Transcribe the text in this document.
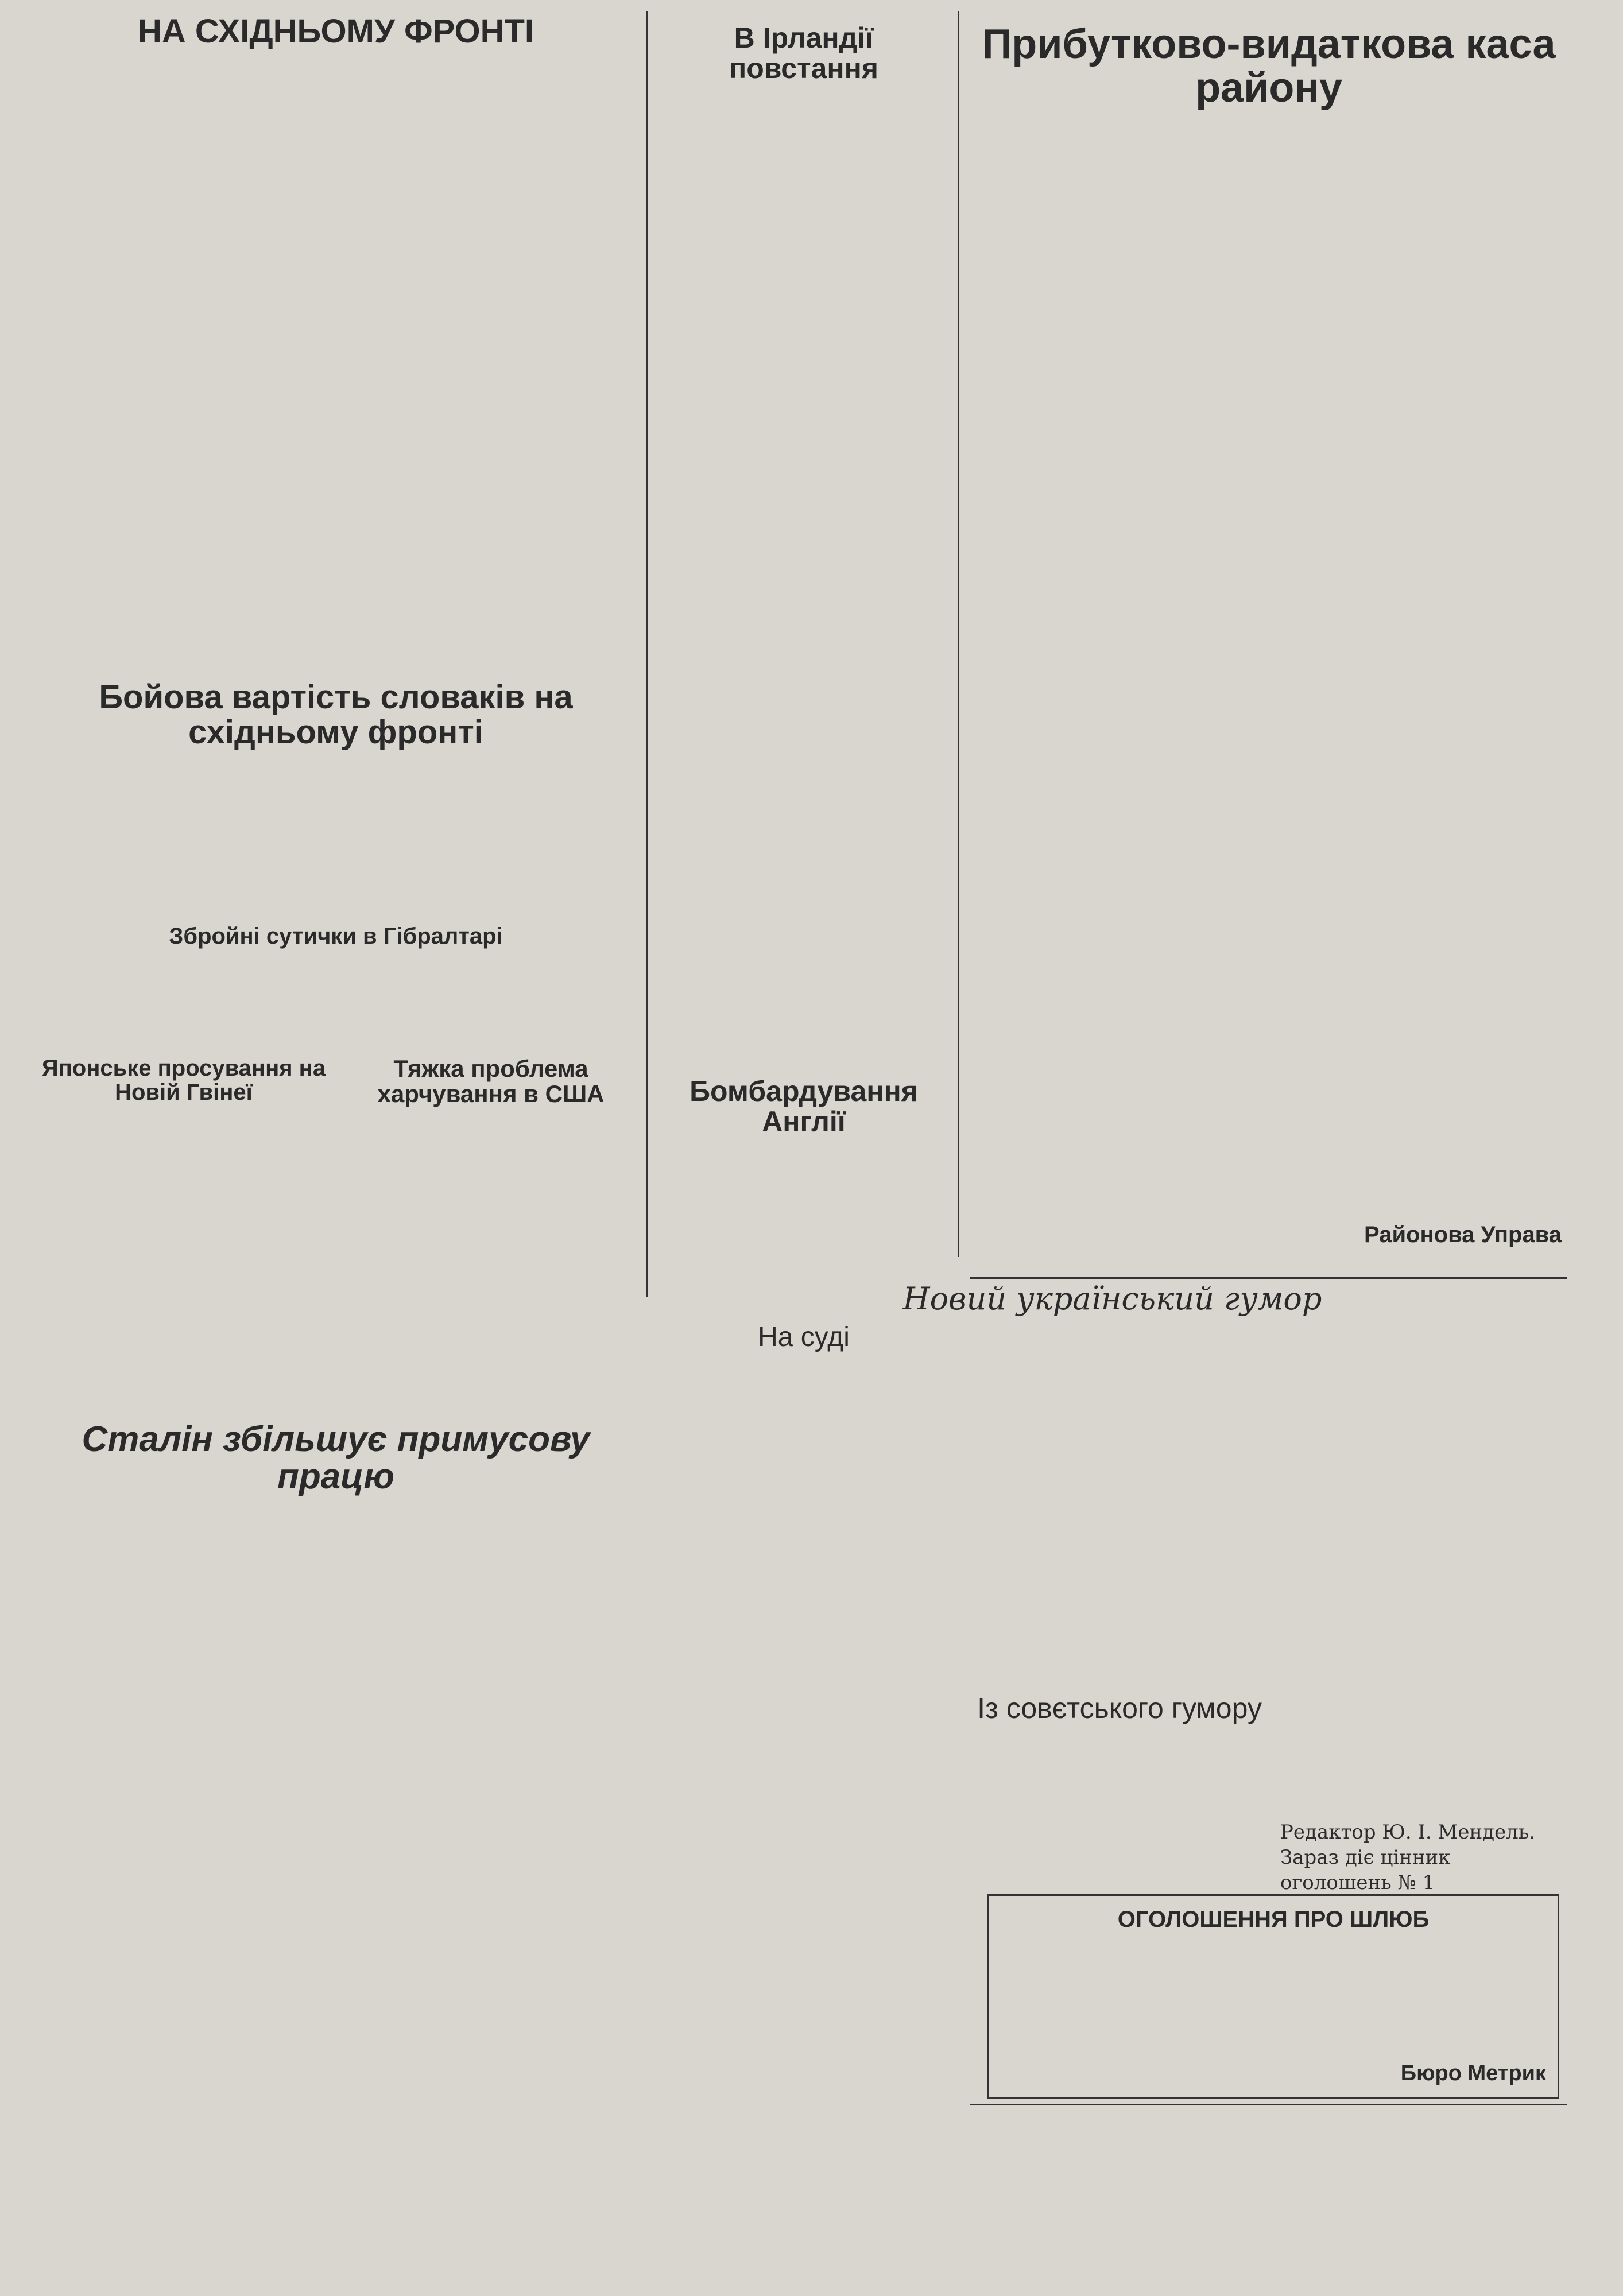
НА СХІДНЬОМУ ФРОНТІ
Бойова вартість словаків на східньому фронті
Збройні сутички в Гібралтарі
Японське просування на Новій Гвінеї
Тяжка проблема харчування в США
Сталін збільшує примусову працю
В Ірландії повстання
Бомбардування Англії
Прибутково-видаткова каса району
Районова Управа
Новий український гумор
На суді
Із совєтського гумору
Редактор Ю. І. Мендель. Зараз діє цінник оголошень № 1
ОГОЛОШЕННЯ ПРО ШЛЮБ
Бюро Метрик
